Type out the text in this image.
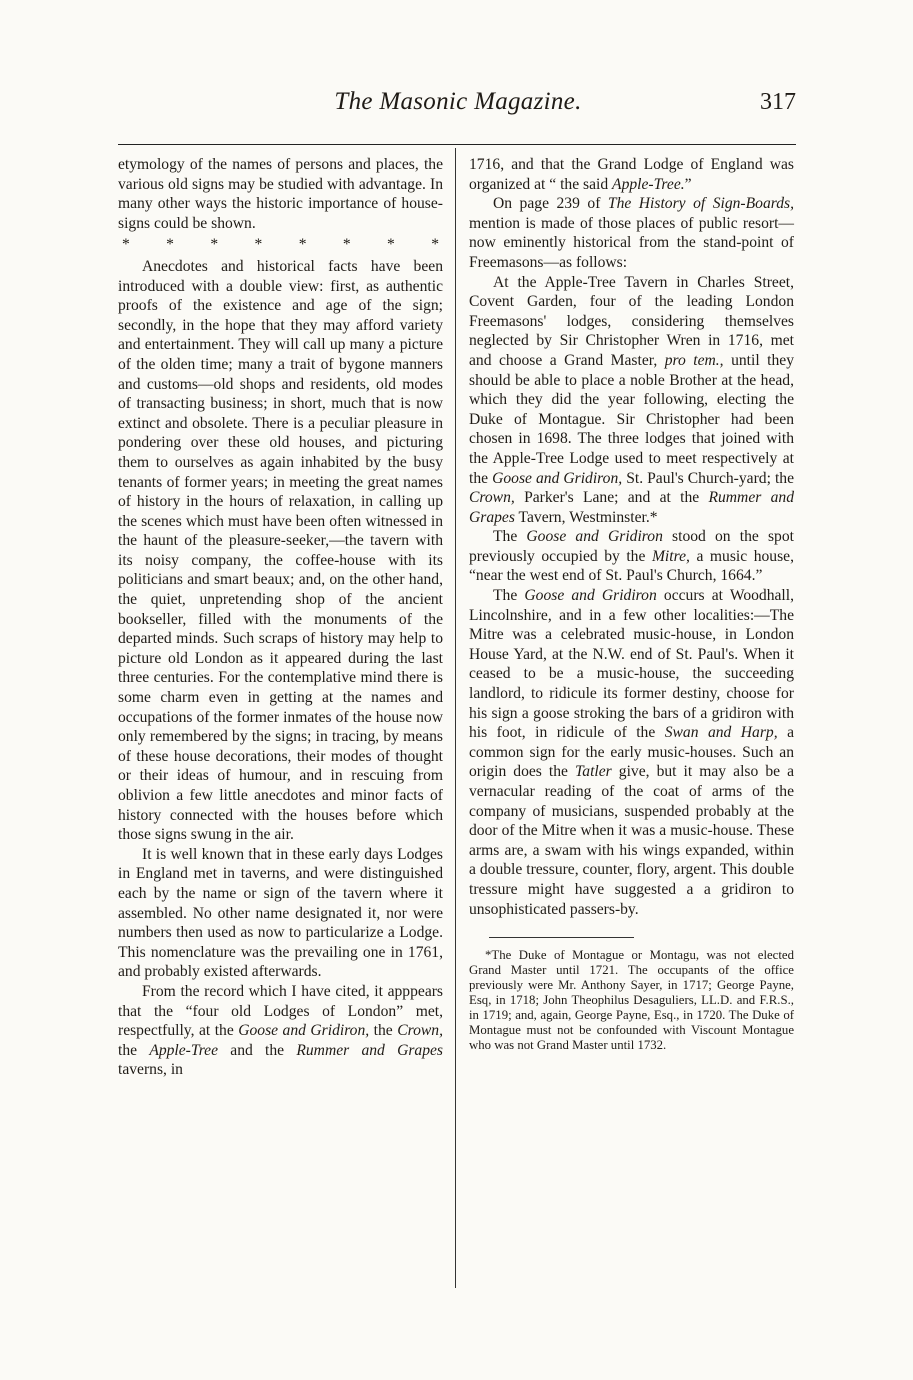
The Masonic Magazine.	317

etymology of the names of persons and places, the various old signs may be studied with advantage. In many other ways the historic importance of house-signs could be shown.

* * * * * * * *

Anecdotes and historical facts have been introduced with a double view: first, as authentic proofs of the existence and age of the sign; secondly, in the hope that they may afford variety and entertainment. They will call up many a picture of the olden time; many a trait of bygone manners and customs—old shops and residents, old modes of transacting business; in short, much that is now extinct and obsolete. There is a peculiar pleasure in pondering over these old houses, and picturing them to ourselves as again inhabited by the busy tenants of former years; in meeting the great names of history in the hours of relaxation, in calling up the scenes which must have been often witnessed in the haunt of the pleasure-seeker,—the tavern with its noisy company, the coffee-house with its politicians and smart beaux; and, on the other hand, the quiet, unpretending shop of the ancient bookseller, filled with the monuments of the departed minds. Such scraps of history may help to picture old London as it appeared during the last three centuries. For the contemplative mind there is some charm even in getting at the names and occupations of the former inmates of the house now only remembered by the signs; in tracing, by means of these house decorations, their modes of thought or their ideas of humour, and in rescuing from oblivion a few little anecdotes and minor facts of history connected with the houses before which those signs swung in the air.

It is well known that in these early days Lodges in England met in taverns, and were distinguished each by the name or sign of the tavern where it assembled. No other name designated it, nor were numbers then used as now to particularize a Lodge. This nomenclature was the prevailing one in 1761, and probably existed afterwards.

From the record which I have cited, it apppears that the “four old Lodges of London” met, respectfully, at the Goose and Gridiron, the Crown, the Apple-Tree and the Rummer and Grapes taverns, in

1716, and that the Grand Lodge of England was organized at “ the said Apple-Tree.”

On page 239 of The History of Sign-Boards, mention is made of those places of public resort—now eminently historical from the stand-point of Freemasons—as follows:

At the Apple-Tree Tavern in Charles Street, Covent Garden, four of the leading London Freemasons' lodges, considering themselves neglected by Sir Christopher Wren in 1716, met and choose a Grand Master, pro tem., until they should be able to place a noble Brother at the head, which they did the year following, electing the Duke of Montague. Sir Christopher had been chosen in 1698. The three lodges that joined with the Apple-Tree Lodge used to meet respectively at the Goose and Gridiron, St. Paul's Church-yard; the Crown, Parker's Lane; and at the Rummer and Grapes Tavern, Westminster.*

The Goose and Gridiron stood on the spot previously occupied by the Mitre, a music house, “near the west end of St. Paul's Church, 1664.”

The Goose and Gridiron occurs at Woodhall, Lincolnshire, and in a few other localities:—The Mitre was a celebrated music-house, in London House Yard, at the N.W. end of St. Paul's. When it ceased to be a music-house, the succeeding landlord, to ridicule its former destiny, choose for his sign a goose stroking the bars of a gridiron with his foot, in ridicule of the Swan and Harp, a common sign for the early music-houses. Such an origin does the Tatler give, but it may also be a vernacular reading of the coat of arms of the company of musicians, suspended probably at the door of the Mitre when it was a music-house. These arms are, a swam with his wings expanded, within a double tressure, counter, flory, argent. This double tressure might have suggested a a gridiron to unsophisticated passers-by.

*The Duke of Montague or Montagu, was not elected Grand Master until 1721. The occupants of the office previously were Mr. Anthony Sayer, in 1717; George Payne, Esq, in 1718; John Theophilus Desaguliers, LL.D. and F.R.S., in 1719; and, again, George Payne, Esq., in 1720. The Duke of Montague must not be confounded with Viscount Montague who was not Grand Master until 1732.
